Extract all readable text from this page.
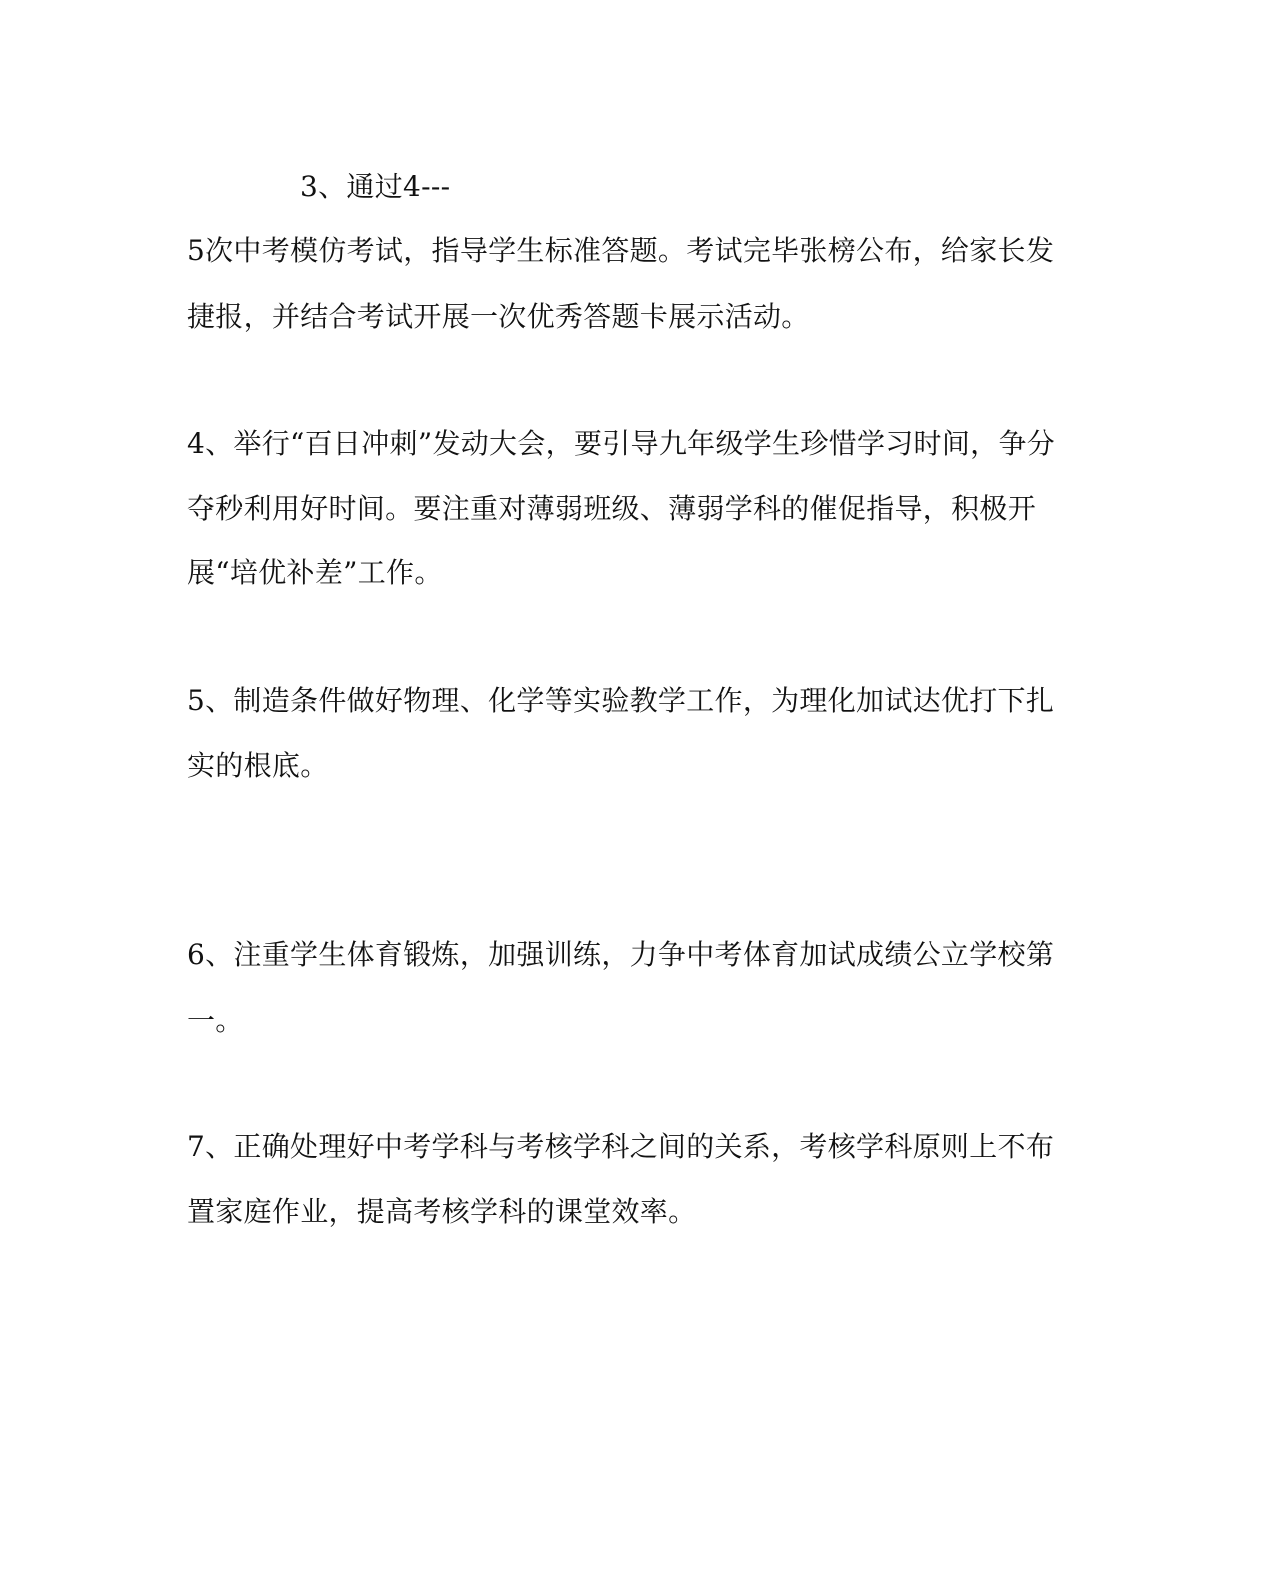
3、通过4---
5次中考模仿考试，指导学生标准答题。考试完毕张榜公布，给家长发
捷报，并结合考试开展一次优秀答题卡展示活动。
4、举行“百日冲刺”发动大会，要引导九年级学生珍惜学习时间，争分
夺秒利用好时间。要注重对薄弱班级、薄弱学科的催促指导，积极开
展“培优补差”工作。
5、制造条件做好物理、化学等实验教学工作，为理化加试达优打下扎
实的根底。
6、注重学生体育锻炼，加强训练，力争中考体育加试成绩公立学校第
一。
7、正确处理好中考学科与考核学科之间的关系，考核学科原则上不布
置家庭作业，提高考核学科的课堂效率。
